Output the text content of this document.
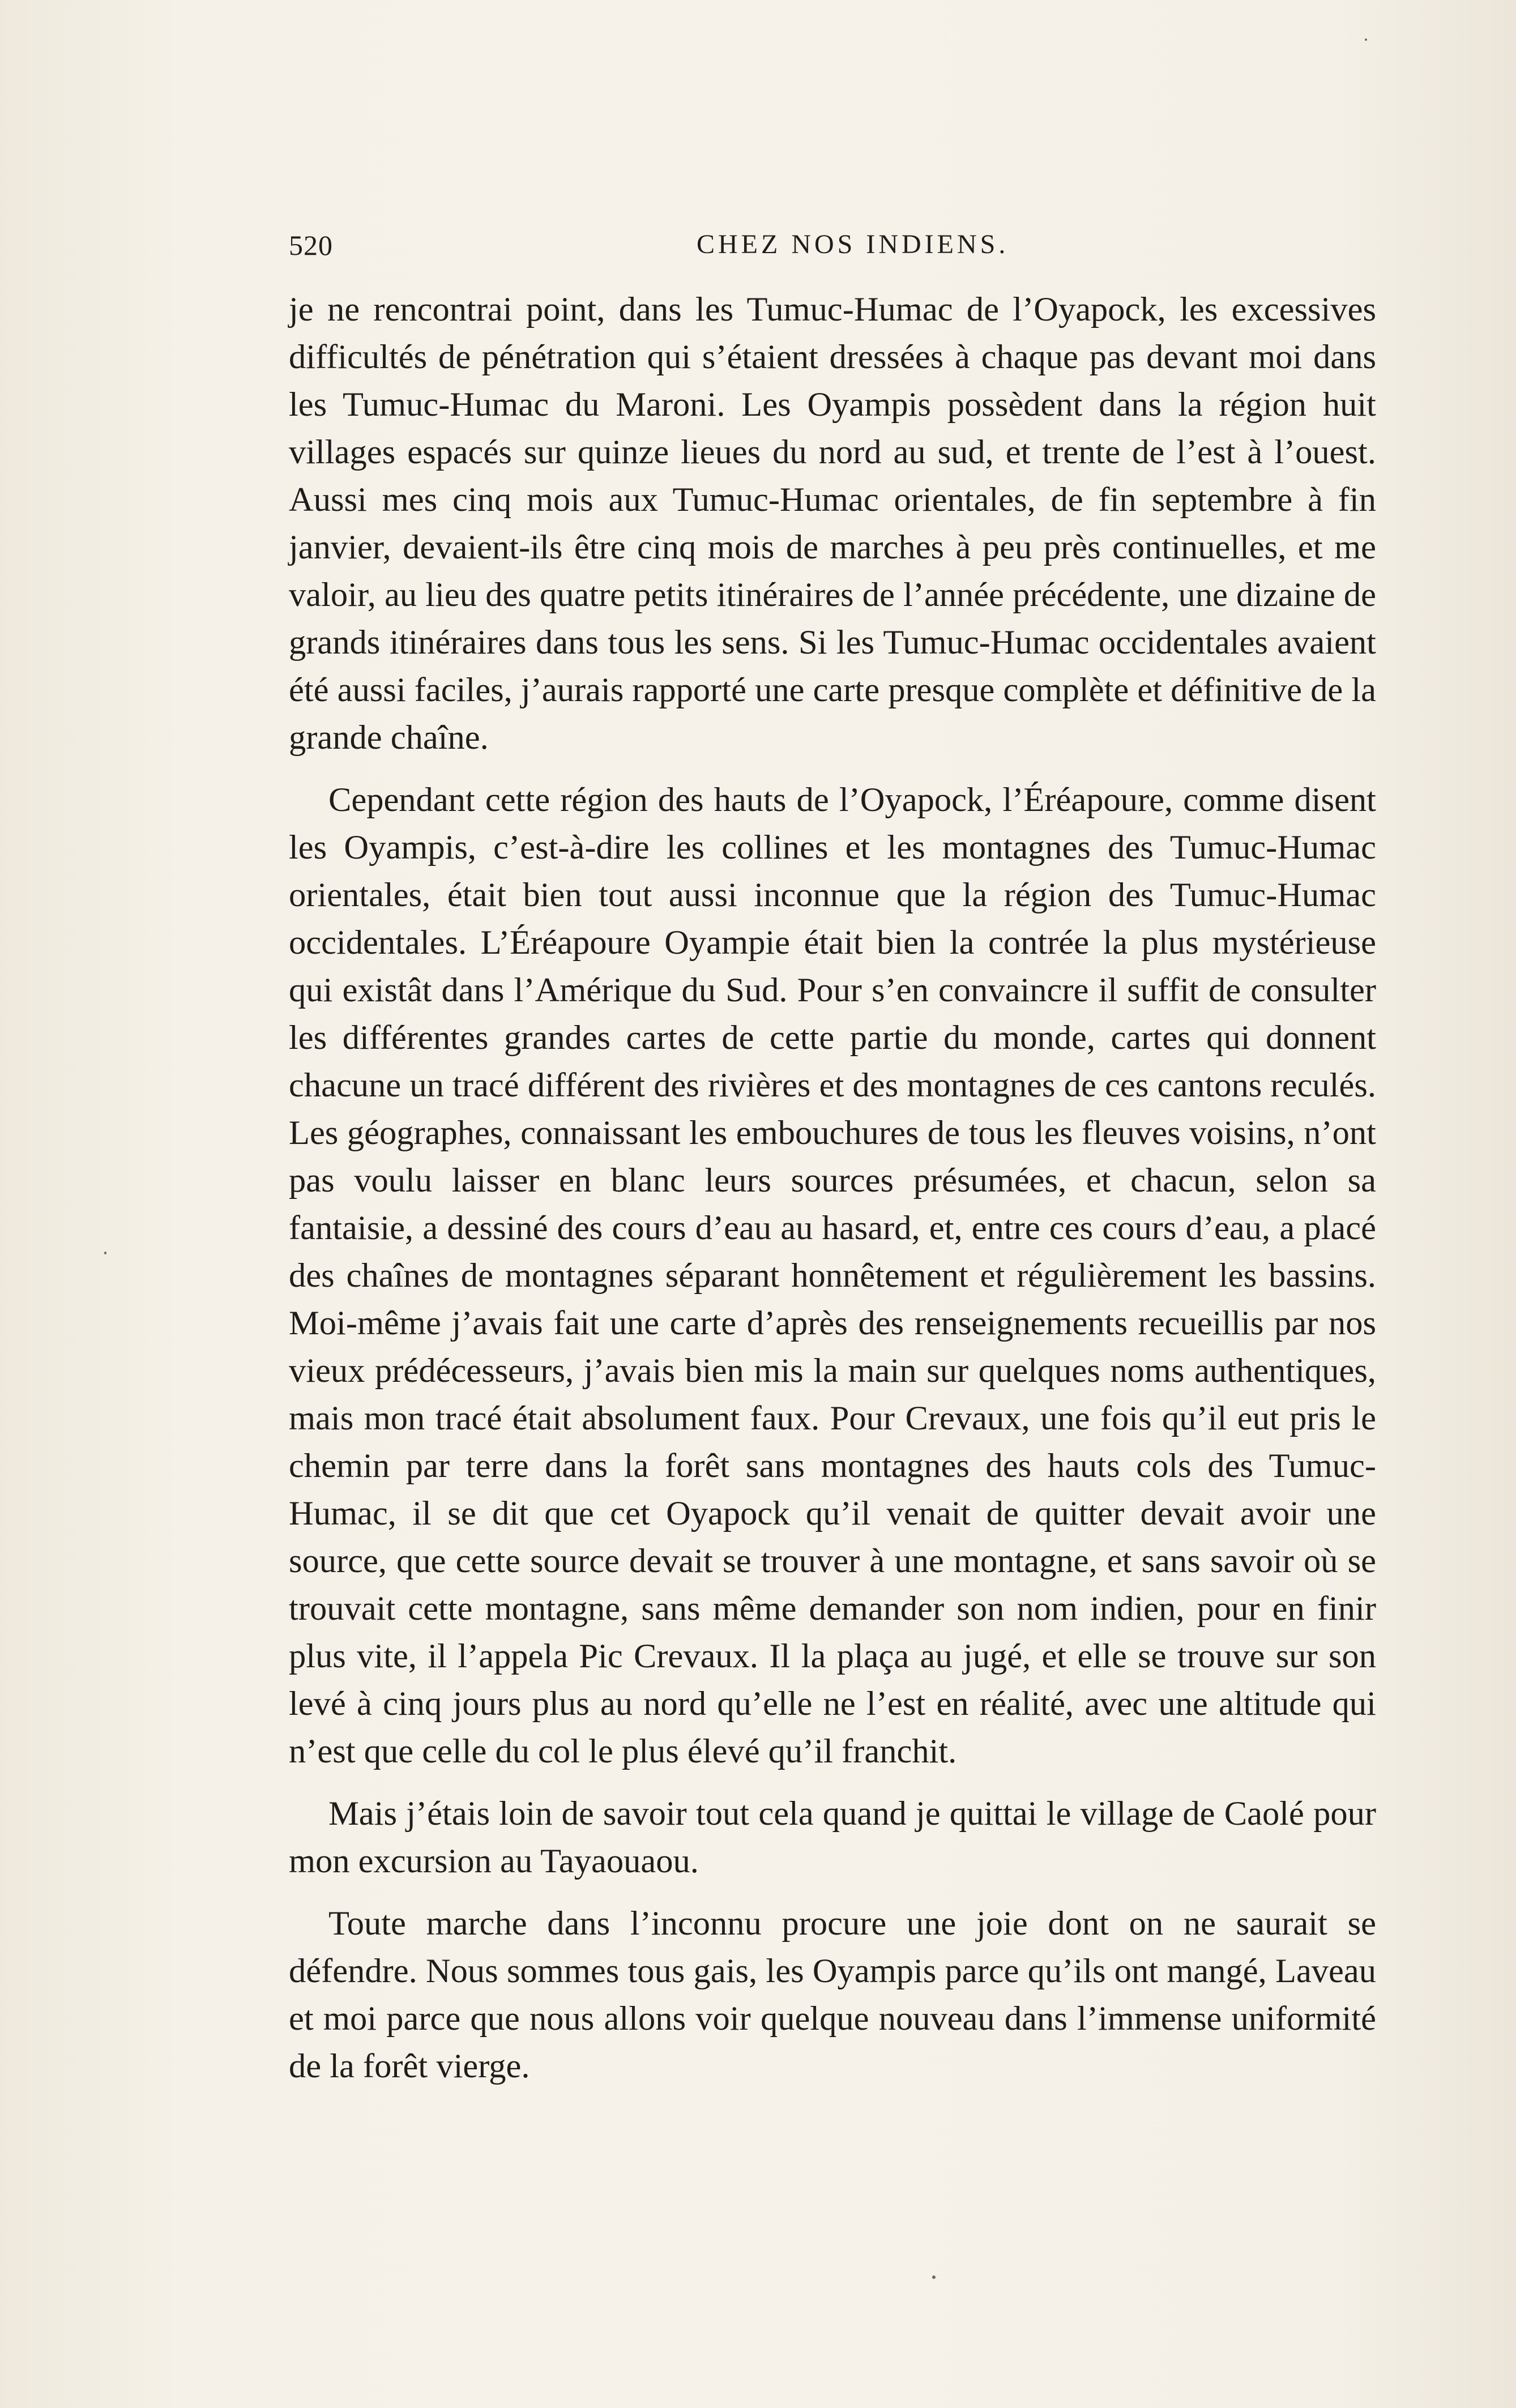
520	CHEZ NOS INDIENS.

je ne rencontrai point, dans les Tumuc-Humac de l’Oyapock, les excessives difficultés de pénétration qui s’étaient dressées à chaque pas devant moi dans les Tumuc-Humac du Maroni. Les Oyampis possèdent dans la région huit villages espacés sur quinze lieues du nord au sud, et trente de l’est à l’ouest. Aussi mes cinq mois aux Tumuc-Humac orientales, de fin septembre à fin janvier, devaient-ils être cinq mois de marches à peu près continuelles, et me valoir, au lieu des quatre petits itinéraires de l’année précédente, une dizaine de grands itinéraires dans tous les sens. Si les Tumuc-Humac occidentales avaient été aussi faciles, j’aurais rapporté une carte presque complète et définitive de la grande chaîne.

Cependant cette région des hauts de l’Oyapock, l’Éréapoure, comme disent les Oyampis, c’est-à-dire les collines et les montagnes des Tumuc-Humac orientales, était bien tout aussi inconnue que la région des Tumuc-Humac occidentales. L’Éréapoure Oyampie était bien la contrée la plus mystérieuse qui existât dans l’Amérique du Sud. Pour s’en convaincre il suffit de consulter les différentes grandes cartes de cette partie du monde, cartes qui donnent chacune un tracé différent des rivières et des montagnes de ces cantons reculés. Les géographes, connaissant les embouchures de tous les fleuves voisins, n’ont pas voulu laisser en blanc leurs sources présumées, et chacun, selon sa fantaisie, a dessiné des cours d’eau au hasard, et, entre ces cours d’eau, a placé des chaînes de montagnes séparant honnêtement et régulièrement les bassins. Moi-même j’avais fait une carte d’après des renseignements recueillis par nos vieux prédécesseurs, j’avais bien mis la main sur quelques noms authentiques, mais mon tracé était absolument faux. Pour Crevaux, une fois qu’il eut pris le chemin par terre dans la forêt sans montagnes des hauts cols des Tumuc-Humac, il se dit que cet Oyapock qu’il venait de quitter devait avoir une source, que cette source devait se trouver à une montagne, et sans savoir où se trouvait cette montagne, sans même demander son nom indien, pour en finir plus vite, il l’appela Pic Crevaux. Il la plaça au jugé, et elle se trouve sur son levé à cinq jours plus au nord qu’elle ne l’est en réalité, avec une altitude qui n’est que celle du col le plus élevé qu’il franchit.

Mais j’étais loin de savoir tout cela quand je quittai le village de Caolé pour mon excursion au Tayaouaou.

Toute marche dans l’inconnu procure une joie dont on ne saurait se défendre. Nous sommes tous gais, les Oyampis parce qu’ils ont mangé, Laveau et moi parce que nous allons voir quelque nouveau dans l’immense uniformité de la forêt vierge.
